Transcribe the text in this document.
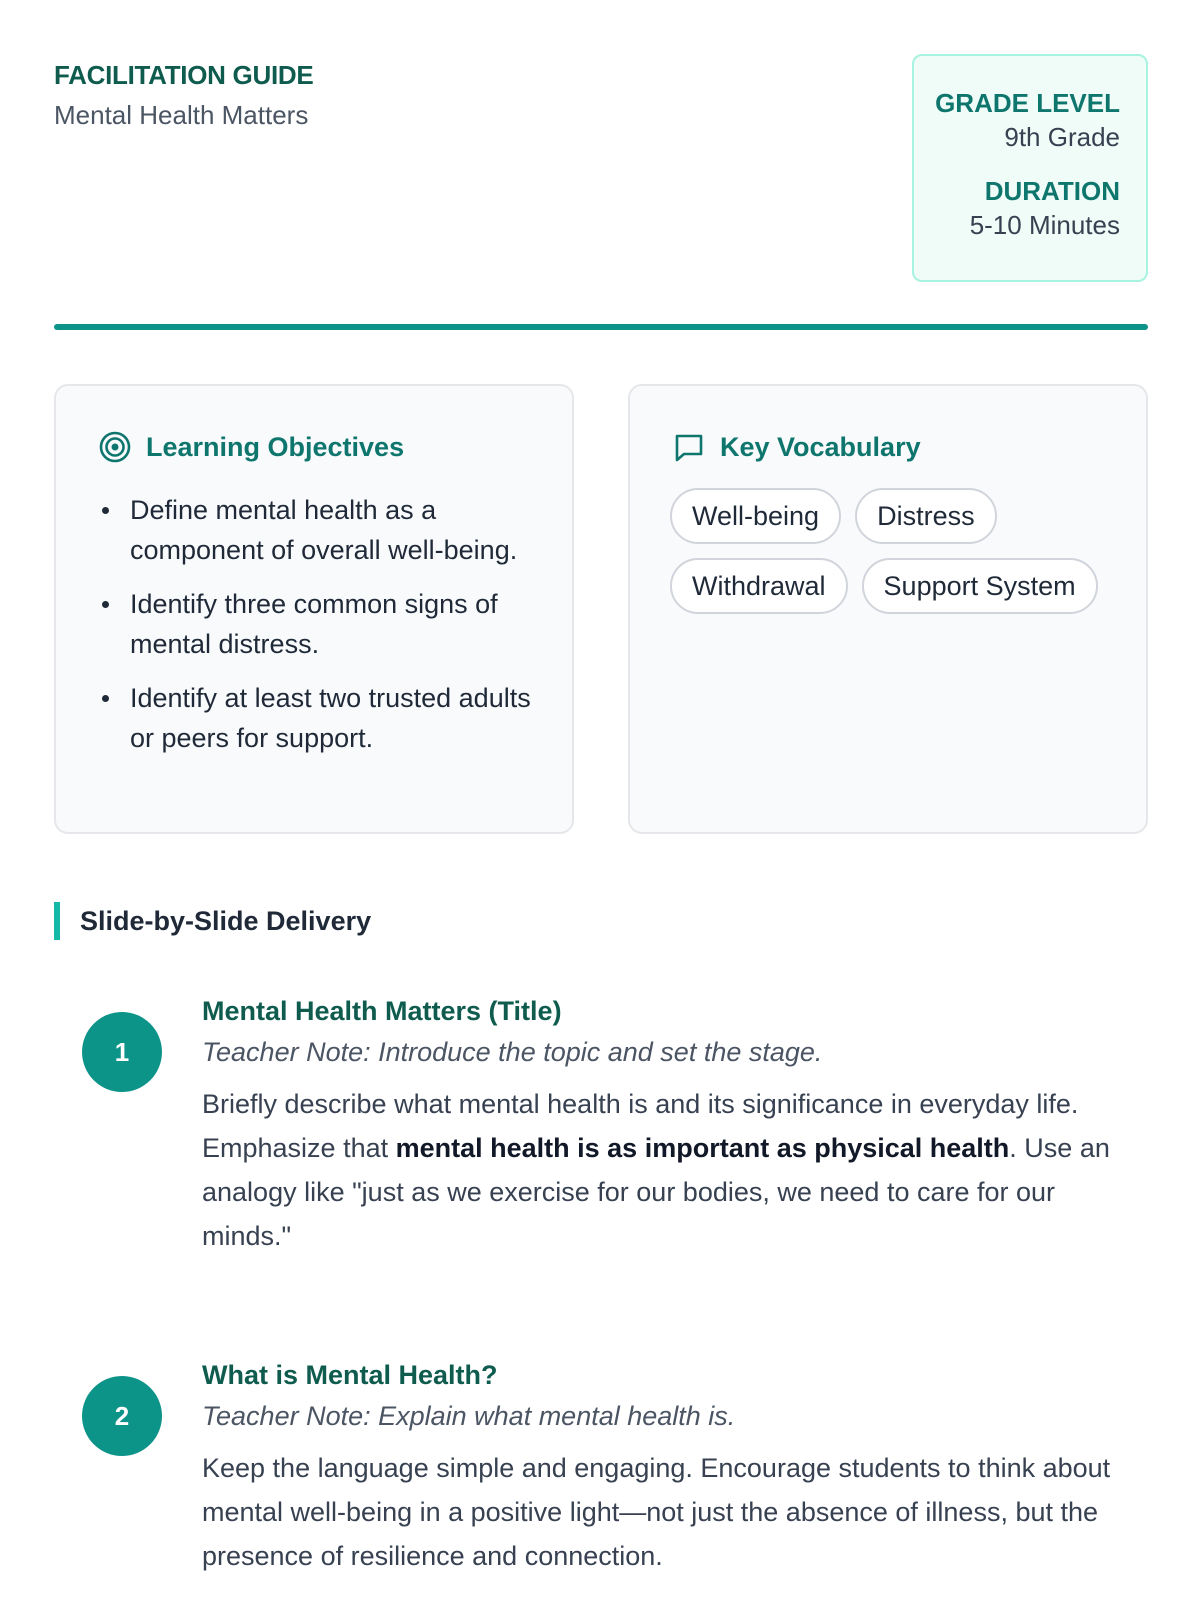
FACILITATION GUIDE
Mental Health Matters	GRADE LEVEL
9th Grade
DURATION
5-10 Minutes
Learning Objectives
Define mental health as a component of overall well-being.
Identify three common signs of mental distress.
Identify at least two trusted adults or peers for support.
Key Vocabulary
Well-being	Distress
Withdrawal	Support System
Slide-by-Slide Delivery
1
Mental Health Matters (Title)
Teacher Note: Introduce the topic and set the stage.
Briefly describe what mental health is and its significance in everyday life. Emphasize that mental health is as important as physical health. Use an analogy like "just as we exercise for our bodies, we need to care for our minds."
2
What is Mental Health?
Teacher Note: Explain what mental health is.
Keep the language simple and engaging. Encourage students to think about mental well-being in a positive light—not just the absence of illness, but the presence of resilience and connection.
